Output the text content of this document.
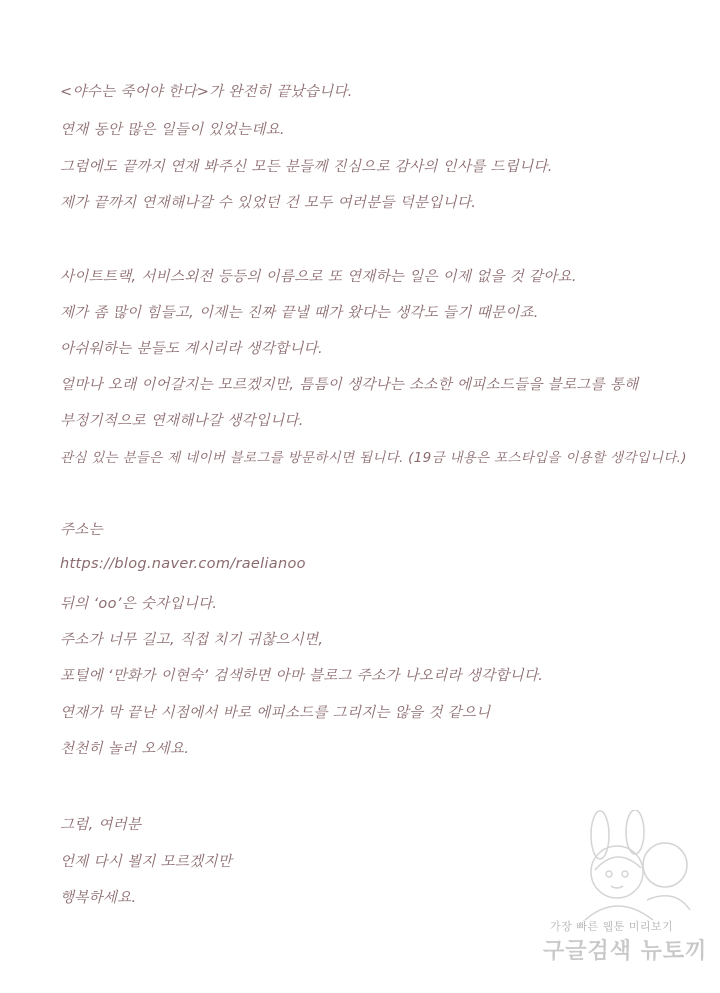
<야수는 죽어야 한다>가 완전히 끝났습니다.
연재 동안 많은 일들이 있었는데요.
그럼에도 끝까지 연재 봐주신 모든 분들께 진심으로 감사의 인사를 드립니다.
제가 끝까지 연재해나갈 수 있었던 건 모두 여러분들 덕분입니다.
사이트트랙, 서비스외전 등등의 이름으로 또 연재하는 일은 이제 없을 것 같아요.
제가 좀 많이 힘들고, 이제는 진짜 끝낼 때가 왔다는 생각도 들기 때문이죠.
아쉬워하는 분들도 계시리라 생각합니다.
얼마나 오래 이어갈지는 모르겠지만, 틈틈이 생각나는 소소한 에피소드들을 블로그를 통해
부정기적으로 연재해나갈 생각입니다.
관심 있는 분들은 제 네이버 블로그를 방문하시면 됩니다. (19금 내용은 포스타입을 이용할 생각입니다.)
주소는
https://blog.naver.com/raelianoo
뒤의 ‘oo’은 숫자입니다.
주소가 너무 길고, 직접 치기 귀찮으시면,
포털에 ‘만화가 이현숙’ 검색하면 아마 블로그 주소가 나오리라 생각합니다.
연재가 막 끝난 시점에서 바로 에피소드를 그리지는 않을 것 같으니
천천히 놀러 오세요.
그럼, 여러분
언제 다시 뵐지 모르겠지만
행복하세요.
가장 빠른 웹툰 미리보기
구글검색 뉴토끼
